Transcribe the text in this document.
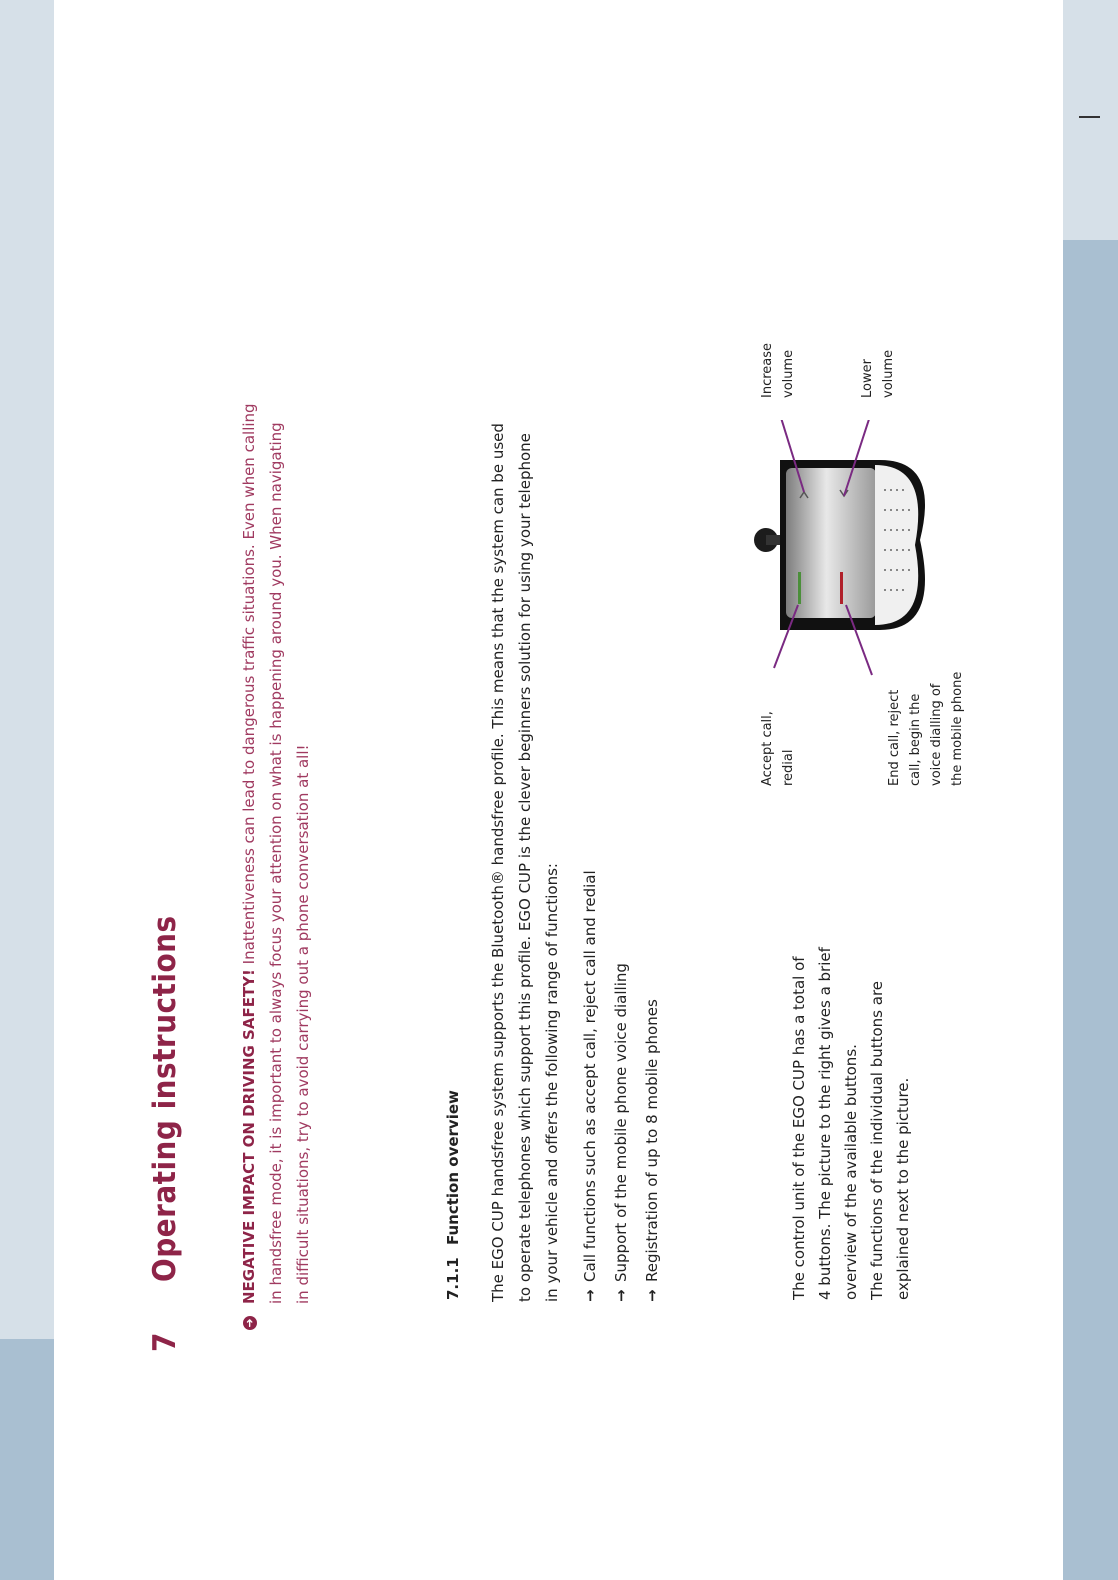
7Operating instructions

➜NEGATIVE IMPACT ON DRIVING SAFETY! Inattentiveness can lead to dangerous traffic situations. Even when calling in handsfree mode, it is important to always focus your attention on what is happening around you. When navigating in difficult situations, try to avoid carrying out a phone conversation at all!	7.1.1Function overview The EGO CUP handsfree system supports the Bluetooth® handsfree profile. This means that the system can be used to operate telephones which support this profile. EGO CUP is the clever beginners solution for using your telephone in your vehicle and offers the following range of functions:	→Call functions such as accept call, reject call and redial
→Support of the mobile phone voice dialling
→Registration of up to 8 mobile phones	The control unit of the EGO CUP has a total of 4 buttons. The picture to the right gives a brief overview of the available buttons. The functions of the individual buttons are explained next to the picture.

Accept call, redial	End call, reject call, begin the voice dialling of the mobile phone
Increase volume	Lower volume
